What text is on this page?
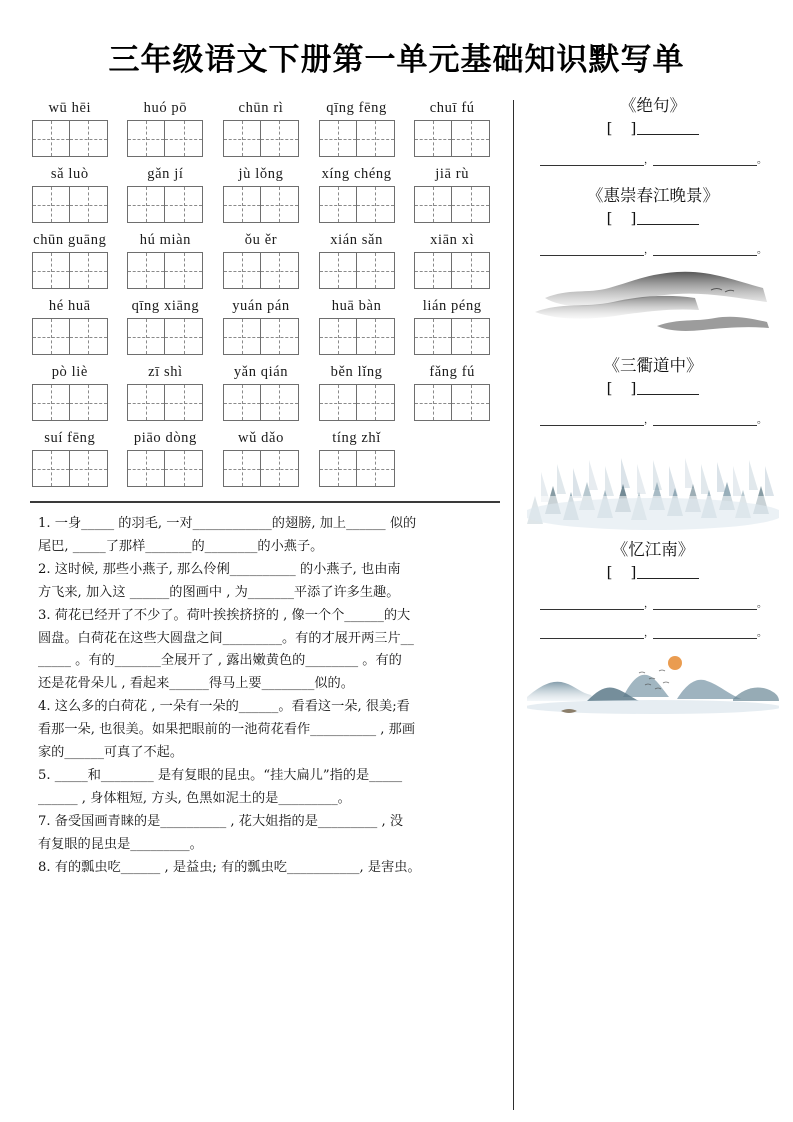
三年级语文下册第一单元基础知识默写单
wū hēi	huó pō	chūn rì	qīng fēng	chuī fú
sǎ luò	gǎn jí	jù lǒng	xíng chéng	jiā rù
chūn guāng	hú miàn	ǒu ěr	xián sǎn	xiān xì
hé huā	qīng xiāng	yuán pán	huā bàn	lián péng
pò liè	zī shì	yǎn qián	běn lǐng	fǎng fú
suí fēng	piāo dòng	wǔ dǎo	tíng zhǐ
1. 一身_____ 的羽毛, 一对____________的翅膀, 加上______ 似的
尾巴, _____了那样_______的________的小燕子。
2. 这时候, 那些小燕子, 那么伶俐__________ 的小燕子, 也由南
方飞来, 加入这 ______的图画中 , 为_______平添了许多生趣。
3. 荷花已经开了不少了。荷叶挨挨挤挤的 , 像一个个______的大
圆盘。白荷花在这些大圆盘之间_________。有的才展开两三片__
_____ 。有的_______全展开了 , 露出嫩黄色的________ 。有的
还是花骨朵儿 , 看起来______得马上要________似的。
4. 这么多的白荷花 , 一朵有一朵的______。看看这一朵, 很美;看
看那一朵, 也很美。如果把眼前的一池荷花看作__________ , 那画
家的______可真了不起。
5. _____和________ 是有复眼的昆虫。“挂大扁儿”指的是_____
______ , 身体粗短, 方头, 色黑如泥土的是_________。
7. 备受国画青睐的是__________ , 花大姐指的是_________ , 没
有复眼的昆虫是_________。
8. 有的瓢虫吃______ , 是益虫; 有的瓢虫吃___________, 是害虫。
《绝句》
[   ]
，	。
《惠崇春江晚景》
[   ]
，	。
《三衢道中》
[   ]
，	。
《忆江南》
[   ]
，	。
，	。
